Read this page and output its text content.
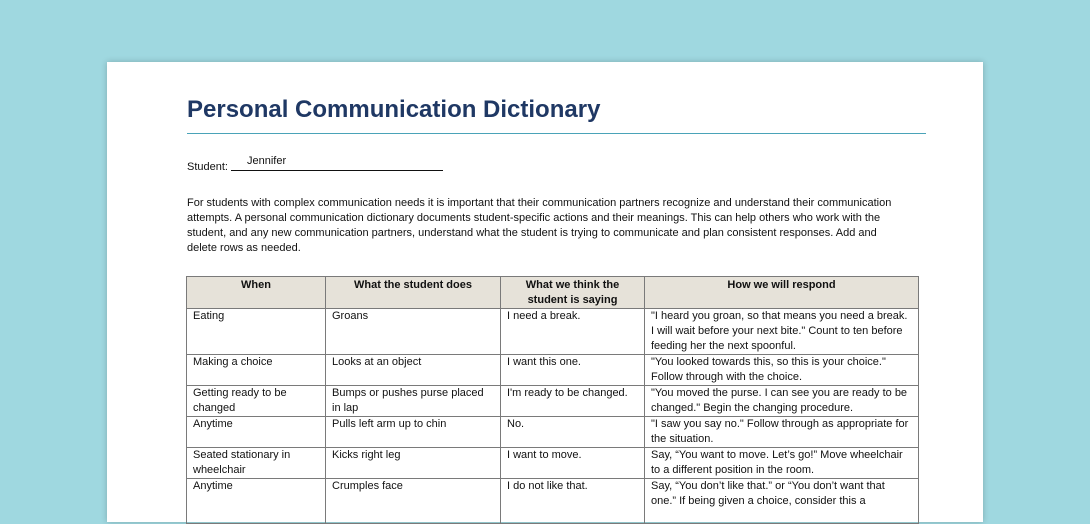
Personal Communication Dictionary
Student:	Jennifer

For students with complex communication needs it is important that their communication partners recognize and understand their communication attempts. A personal communication dictionary documents student-specific actions and their meanings. This can help others who work with the student, and any new communication partners, understand what the student is trying to communicate and plan consistent responses. Add and delete rows as needed.

When	What the student does	What we think the student is saying	How we will respond
Eating	Groans	I need a break.	"I heard you groan, so that means you need a break. I will wait before your next bite." Count to ten before feeding her the next spoonful.
Making a choice	Looks at an object	I want this one.	"You looked towards this, so this is your choice." Follow through with the choice.
Getting ready to be changed	Bumps or pushes purse placed in lap	I'm ready to be changed.	"You moved the purse. I can see you are ready to be changed." Begin the changing procedure.
Anytime	Pulls left arm up to chin	No.	"I saw you say no." Follow through as appropriate for the situation.
Seated stationary in wheelchair	Kicks right leg	I want to move.	Say, “You want to move. Let’s go!” Move wheelchair to a different position in the room.
Anytime	Crumples face	I do not like that.	Say, “You don’t like that.” or “You don’t want that one.” If being given a choice, consider this a
